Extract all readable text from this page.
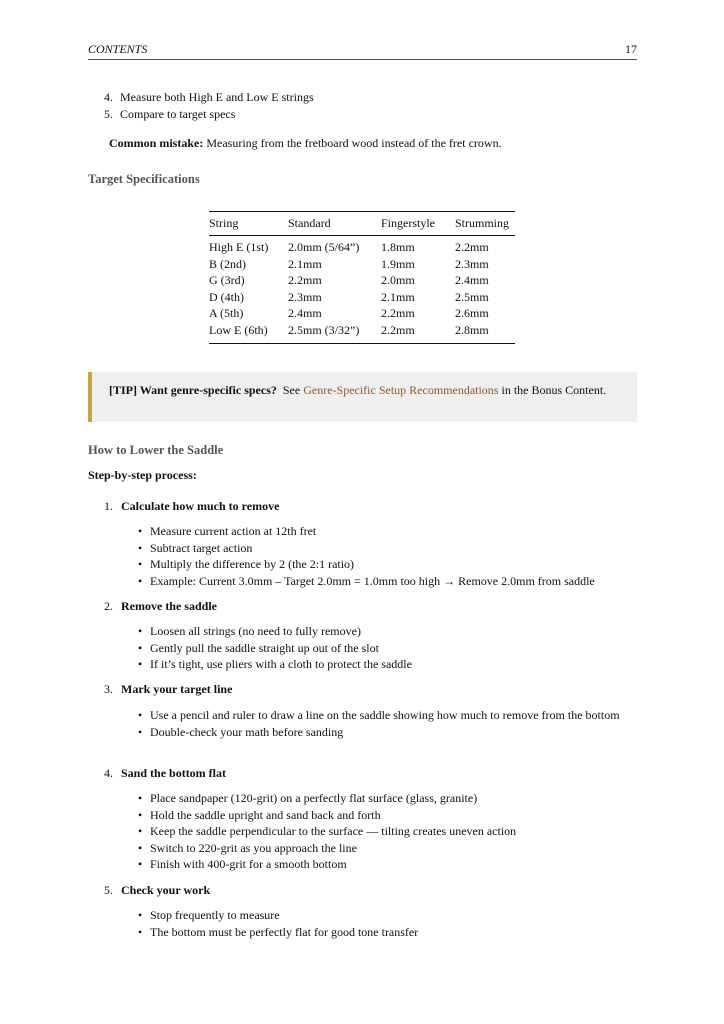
CONTENTS	17
4. Measure both High E and Low E strings
5. Compare to target specs
Common mistake: Measuring from the fretboard wood instead of the fret crown.
Target Specifications
String	Standard	Fingerstyle	Strumming
High E (1st)	2.0mm (5/64”)	1.8mm	2.2mm
B (2nd)	2.1mm	1.9mm	2.3mm
G (3rd)	2.2mm	2.0mm	2.4mm
D (4th)	2.3mm	2.1mm	2.5mm
A (5th)	2.4mm	2.2mm	2.6mm
Low E (6th)	2.5mm (3/32”)	2.2mm	2.8mm
[TIP] Want genre-specific specs? See Genre-Specific Setup Recommendations in the Bonus Content.
How to Lower the Saddle
Step-by-step process:
1. Calculate how much to remove
• Measure current action at 12th fret
• Subtract target action
• Multiply the difference by 2 (the 2:1 ratio)
• Example: Current 3.0mm – Target 2.0mm = 1.0mm too high → Remove 2.0mm from saddle
2. Remove the saddle
• Loosen all strings (no need to fully remove)
• Gently pull the saddle straight up out of the slot
• If it’s tight, use pliers with a cloth to protect the saddle
3. Mark your target line
• Use a pencil and ruler to draw a line on the saddle showing how much to remove from the bottom
• Double-check your math before sanding
4. Sand the bottom flat
• Place sandpaper (120-grit) on a perfectly flat surface (glass, granite)
• Hold the saddle upright and sand back and forth
• Keep the saddle perpendicular to the surface — tilting creates uneven action
• Switch to 220-grit as you approach the line
• Finish with 400-grit for a smooth bottom
5. Check your work
• Stop frequently to measure
• The bottom must be perfectly flat for good tone transfer
